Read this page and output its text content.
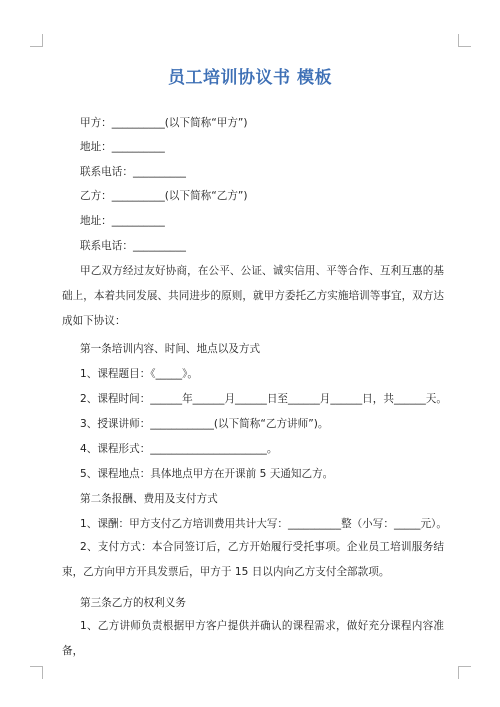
员工培训协议书 模板
甲方：__________(以下简称“甲方”)
地址：__________
联系电话：__________
乙方：__________(以下简称“乙方”)
地址：__________
联系电话：__________
甲乙双方经过友好协商，在公平、公证、诚实信用、平等合作、互利互惠的基础上，本着共同发展、共同进步的原则，就甲方委托乙方实施培训等事宜，双方达成如下协议：
第一条培训内容、时间、地点以及方式
1、课程题目：《_____》。
2、课程时间：______年______月______日至______月______日，共______天。
3、授课讲师：____________(以下简称“乙方讲师”)。
4、课程形式：______________________。
5、课程地点：具体地点甲方在开课前 5 天通知乙方。
第二条报酬、费用及支付方式
1、课酬：甲方支付乙方培训费用共计大写：__________整（小写：_____元）。
2、支付方式：本合同签订后，乙方开始履行受托事项。企业员工培训服务结束，乙方向甲方开具发票后，甲方于 15 日以内向乙方支付全部款项。
第三条乙方的权利义务
1、乙方讲师负责根据甲方客户提供并确认的课程需求，做好充分课程内容准备，
